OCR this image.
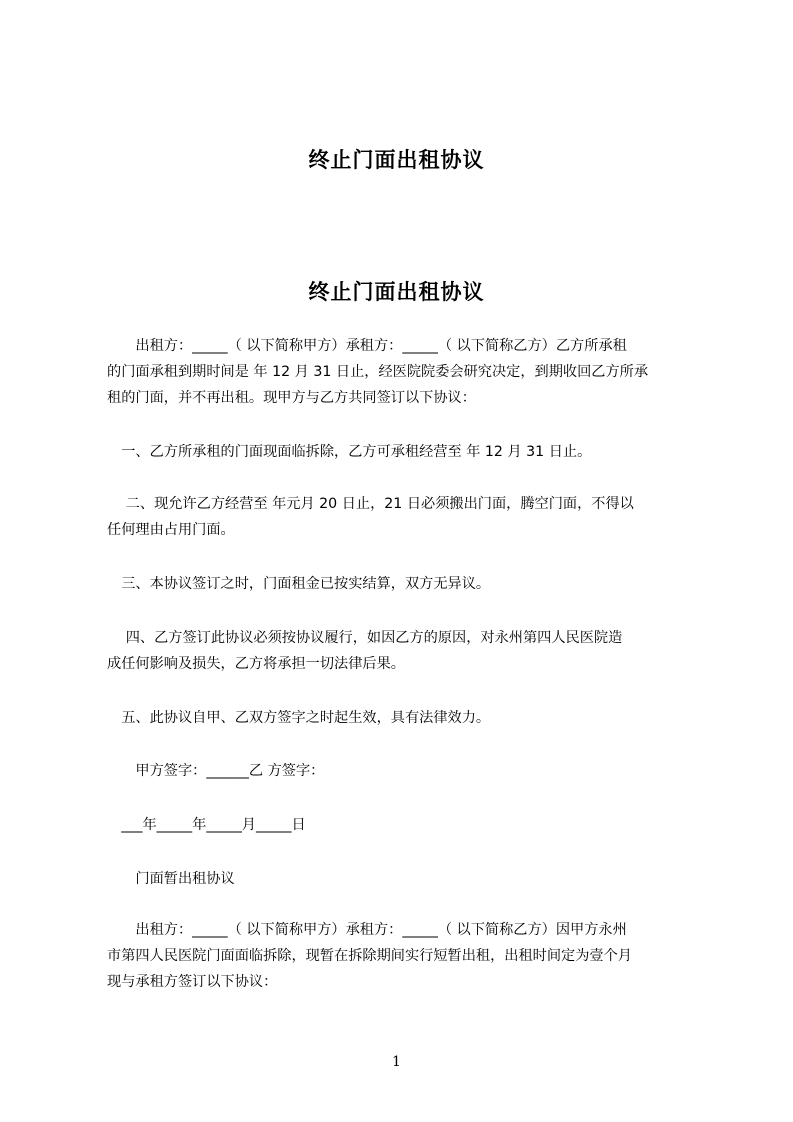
终止门面出租协议
终止门面出租协议
　　出租方：_____（ 以下简称甲方）承租方：_____（ 以下简称乙方）乙方所承租
的门面承租到期时间是 年 12 月 31 日止，经医院院委会研究决定，到期收回乙方所承
租的门面，并不再出租。现甲方与乙方共同签订以下协议：
　一、乙方所承租的门面现面临拆除，乙方可承租经营至 年 12 月 31 日止。
　 二、现允许乙方经营至 年元月 20 日止，21 日必须搬出门面，腾空门面，不得以
任何理由占用门面。
　三、本协议签订之时，门面租金已按实结算，双方无异议。
　 四、乙方签订此协议必须按协议履行，如因乙方的原因，对永州第四人民医院造
成任何影响及损失，乙方将承担一切法律后果。
　五、此协议自甲、乙双方签字之时起生效，具有法律效力。
　　甲方签字：______乙 方签字：
　___年_____年_____月_____日
　　门面暂出租协议
　　出租方：_____（ 以下简称甲方）承租方：_____（ 以下简称乙方）因甲方永州
市第四人民医院门面面临拆除，现暂在拆除期间实行短暂出租，出租时间定为壹个月
现与承租方签订以下协议：
1
